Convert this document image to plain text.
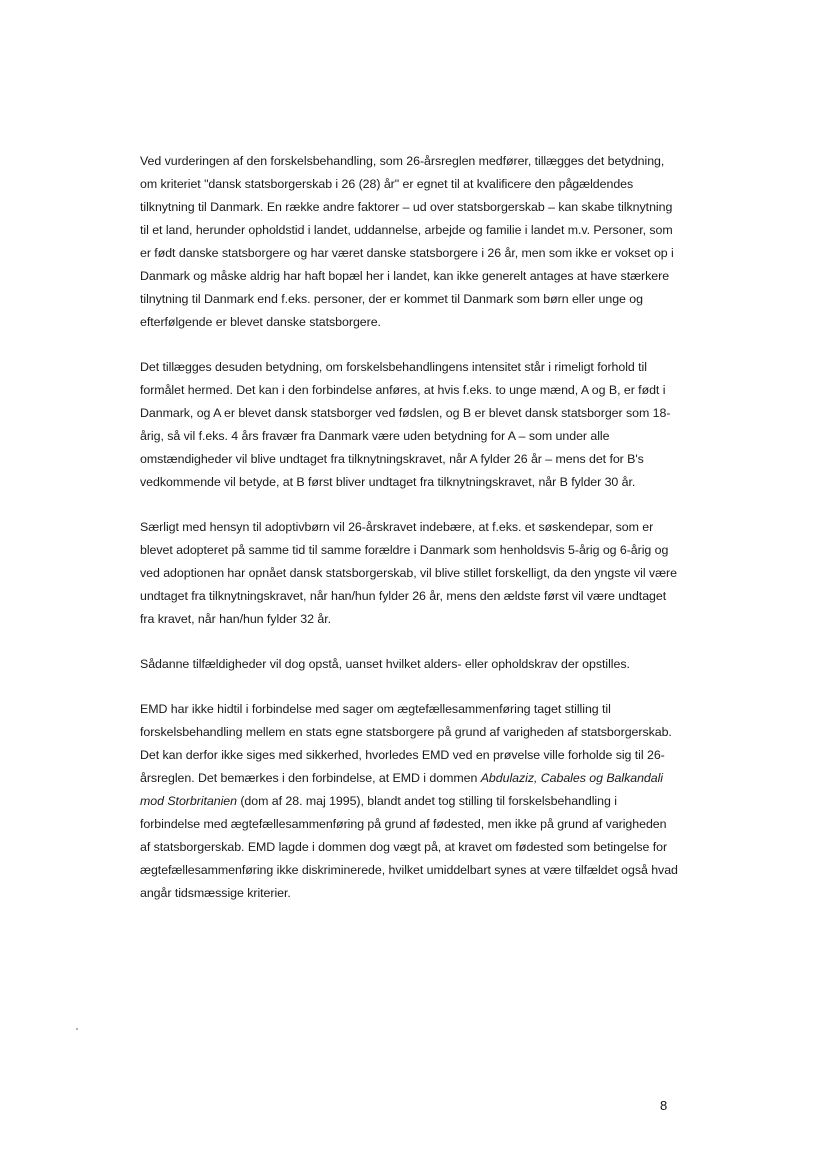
Ved vurderingen af den forskelsbehandling, som 26-årsreglen medfører, tillægges det betydning, om kriteriet "dansk statsborgerskab i 26 (28) år" er egnet til at kvalificere den pågældendes tilknytning til Danmark. En række andre faktorer – ud over statsborgerskab – kan skabe tilknytning til et land, herunder opholdstid i landet, uddannelse, arbejde og familie i landet m.v. Personer, som er født danske statsborgere og har været danske statsborgere i 26 år, men som ikke er vokset op i Danmark og måske aldrig har haft bopæl her i landet, kan ikke generelt antages at have stærkere tilnytning til Danmark end f.eks. personer, der er kommet til Danmark som børn eller unge og efterfølgende er blevet danske statsborgere.

Det tillægges desuden betydning, om forskelsbehandlingens intensitet står i rimeligt forhold til formålet hermed. Det kan i den forbindelse anføres, at hvis f.eks. to unge mænd, A og B, er født i Danmark, og A er blevet dansk statsborger ved fødslen, og B er blevet dansk statsborger som 18-årig, så vil f.eks. 4 års fravær fra Danmark være uden betydning for A – som under alle omstændigheder vil blive undtaget fra tilknytningskravet, når A fylder 26 år – mens det for B's vedkommende vil betyde, at B først bliver undtaget fra tilknytningskravet, når B fylder 30 år.

Særligt med hensyn til adoptivbørn vil 26-årskravet indebære, at f.eks. et søskendepar, som er blevet adopteret på samme tid til samme forældre i Danmark som henholdsvis 5-årig og 6-årig og ved adoptionen har opnået dansk statsborgerskab, vil blive stillet forskelligt, da den yngste vil være undtaget fra tilknytningskravet, når han/hun fylder 26 år, mens den ældste først vil være undtaget fra kravet, når han/hun fylder 32 år.

Sådanne tilfældigheder vil dog opstå, uanset hvilket alders- eller opholdskrav der opstilles.

EMD har ikke hidtil i forbindelse med sager om ægtefællesammenføring taget stilling til forskelsbehandling mellem en stats egne statsborgere på grund af varigheden af statsborgerskab. Det kan derfor ikke siges med sikkerhed, hvorledes EMD ved en prøvelse ville forholde sig til 26-årsreglen. Det bemærkes i den forbindelse, at EMD i dommen Abdulaziz, Cabales og Balkandali mod Storbritanien (dom af 28. maj 1995), blandt andet tog stilling til forskelsbehandling i forbindelse med ægtefællesammenføring på grund af fødested, men ikke på grund af varigheden af statsborgerskab. EMD lagde i dommen dog vægt på, at kravet om fødested som betingelse for ægtefællesammenføring ikke diskriminerede, hvilket umiddelbart synes at være tilfældet også hvad angår tidsmæssige kriterier.

8
